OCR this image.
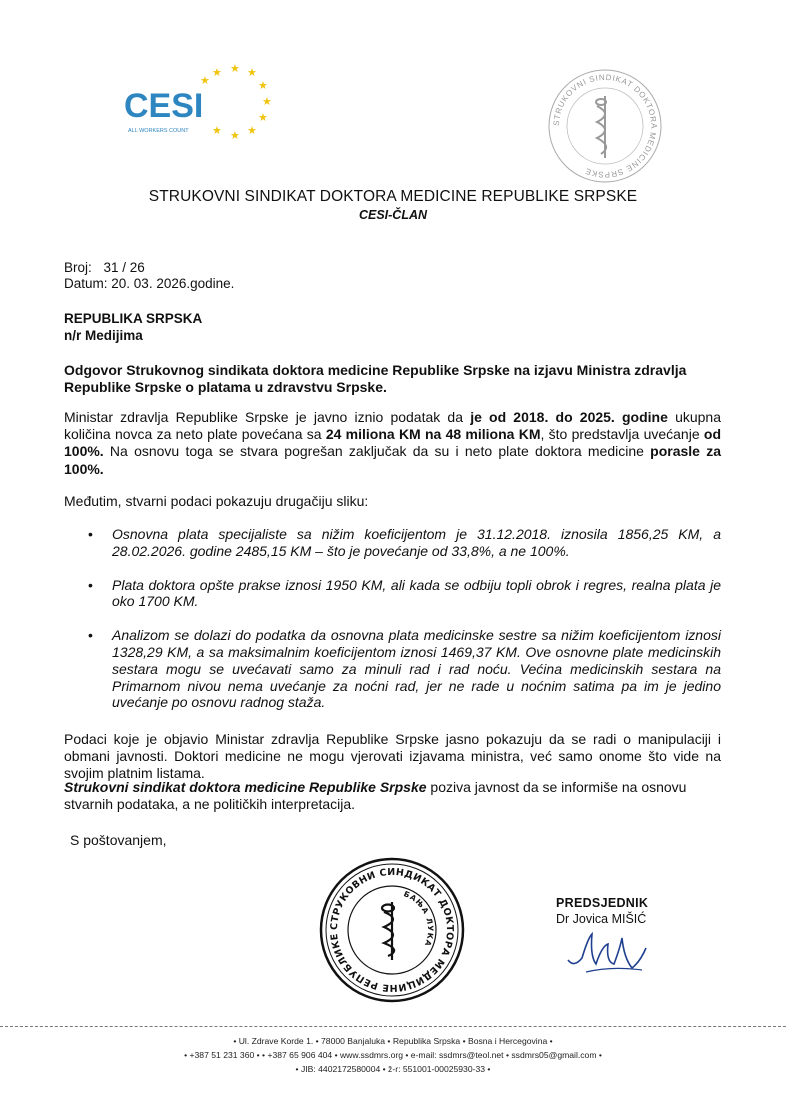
★ ★ ★
★
★
★
★
★
★
★
CESI
ALL WORKERS COUNT
STRUKOVNI SINDIKAT DOKTORA MEDICINE SRPSKE
STRUKOVNI SINDIKAT DOKTORA MEDICINE REPUBLIKE SRPSKE
CESI-ČLAN
Broj: 31 / 26
Datum: 20. 03. 2026.godine.
REPUBLIKA SRPSKA
n/r Medijima
Odgovor Strukovnog sindikata doktora medicine Republike Srpske na izjavu Ministra zdravlja Republike Srpske o platama u zdravstvu Srpske.
Ministar zdravlja Republike Srpske je javno iznio podatak da je od 2018. do 2025. godine ukupna količina novca za neto plate povećana sa 24 miliona KM na 48 miliona KM, što predstavlja uvećanje od 100%. Na osnovu toga se stvara pogrešan zaključak da su i neto plate doktora medicine porasle za 100%.
Međutim, stvarni podaci pokazuju drugačiju sliku:
• Osnovna plata specijaliste sa nižim koeficijentom je 31.12.2018. iznosila 1856,25 KM, a 28.02.2026. godine 2485,15 KM – što je povećanje od 33,8%, a ne 100%.
• Plata doktora opšte prakse iznosi 1950 KM, ali kada se odbiju topli obrok i regres, realna plata je oko 1700 KM.
• Analizom se dolazi do podatka da osnovna plata medicinske sestre sa nižim koeficijentom iznosi 1328,29 KM, a sa maksimalnim koeficijentom iznosi 1469,37 KM. Ove osnovne plate medicinskih sestara mogu se uvećavati samo za minuli rad i rad noću. Većina medicinskih sestara na Primarnom nivou nema uvećanje za noćni rad, jer ne rade u noćnim satima pa im je jedino uvećanje po osnovu radnog staža.
Podaci koje je objavio Ministar zdravlja Republike Srpske jasno pokazuju da se radi o manipulaciji i obmani javnosti. Doktori medicine ne mogu vjerovati izjavama ministra, već samo onome što vide na svojim platnim listama.
Strukovni sindikat doktora medicine Republike Srpske poziva javnost da se informiše na osnovu stvarnih podataka, a ne političkih interpretacija.
S poštovanjem,
СТРУКОВНИ СИНДИКАТ ДОКТОРА МЕДИЦИНЕ РЕПУБЛИКЕ
БАЊА ЛУКА
PREDSJEDNIK
Dr Jovica MIŠIĆ
• Ul. Zdrave Korde 1. • 78000 Banjaluka • Republika Srpska • Bosna i Hercegovina •
• +387 51 231 360 • • +387 65 906 404 • www.ssdmrs.org • e-mail: ssdmrs@teol.net • ssdmrs05@gmail.com •
• JIB: 4402172580004 • ž-r: 551001-00025930-33 •
